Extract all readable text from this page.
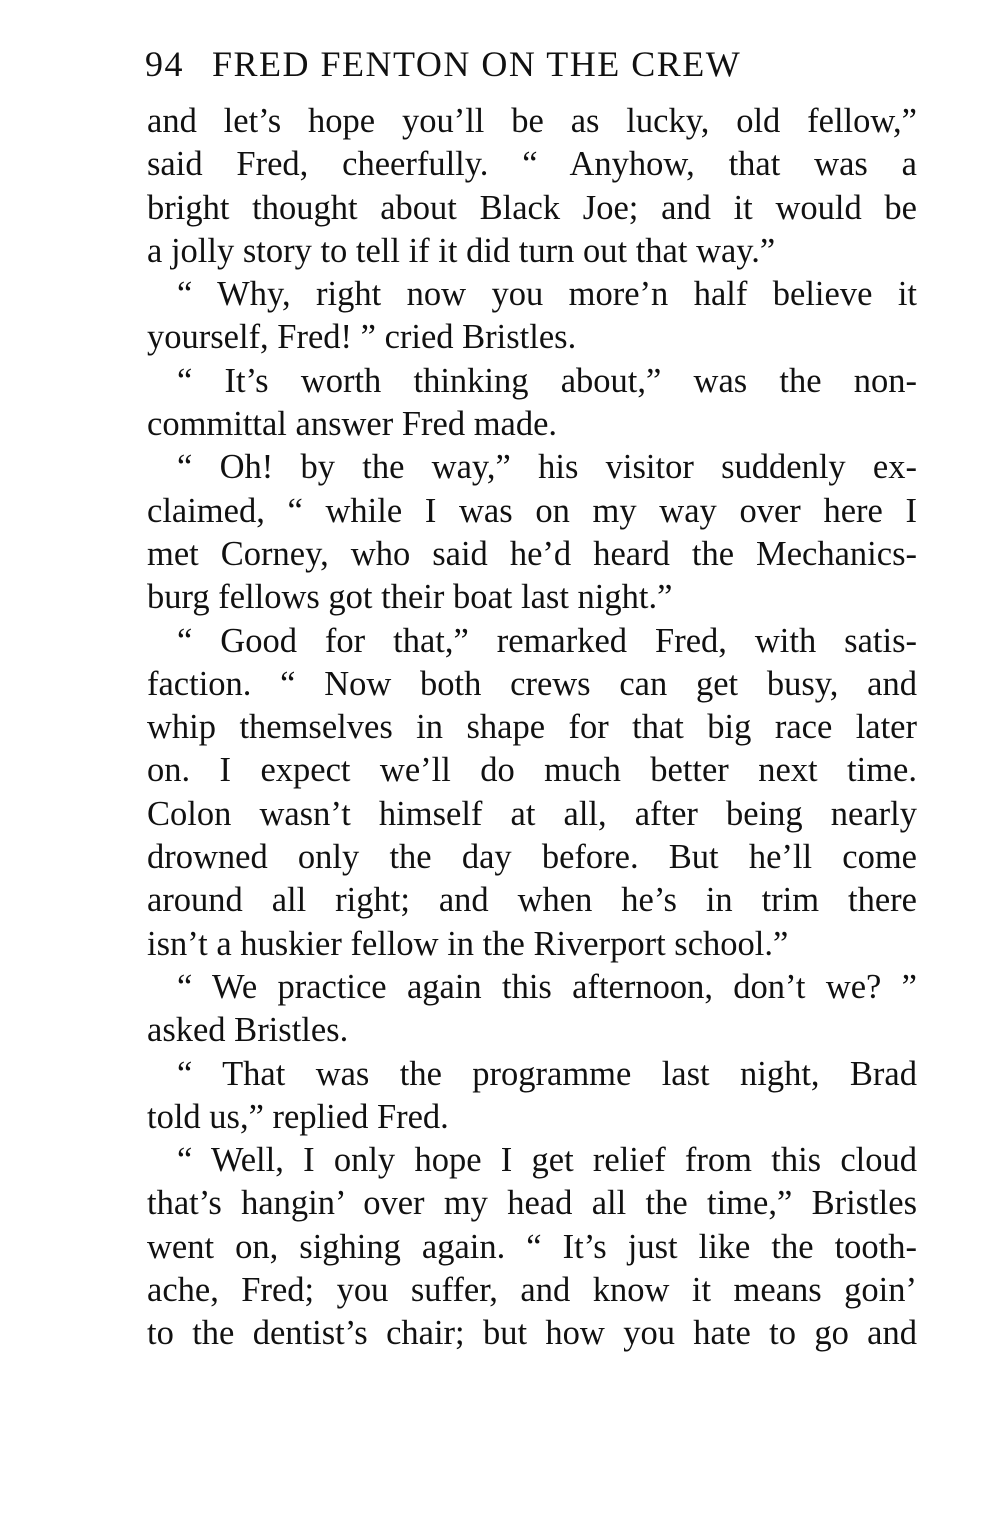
94 FRED FENTON ON THE CREW
and let’s hope you’ll be as lucky, old fellow,”
said Fred, cheerfully. “ Anyhow, that was a
bright thought about Black Joe; and it would be
a jolly story to tell if it did turn out that way.”
“ Why, right now you more’n half believe it
yourself, Fred! ” cried Bristles.
“ It’s worth thinking about,” was the non-
committal answer Fred made.
“ Oh! by the way,” his visitor suddenly ex-
claimed, “ while I was on my way over here I
met Corney, who said he’d heard the Mechanics-
burg fellows got their boat last night.”
“ Good for that,” remarked Fred, with satis-
faction. “ Now both crews can get busy, and
whip themselves in shape for that big race later
on. I expect we’ll do much better next time.
Colon wasn’t himself at all, after being nearly
drowned only the day before. But he’ll come
around all right; and when he’s in trim there
isn’t a huskier fellow in the Riverport school.”
“ We practice again this afternoon, don’t we? ”
asked Bristles.
“ That was the programme last night, Brad
told us,” replied Fred.
“ Well, I only hope I get relief from this cloud
that’s hangin’ over my head all the time,” Bristles
went on, sighing again. “ It’s just like the tooth-
ache, Fred; you suffer, and know it means goin’
to the dentist’s chair; but how you hate to go and
